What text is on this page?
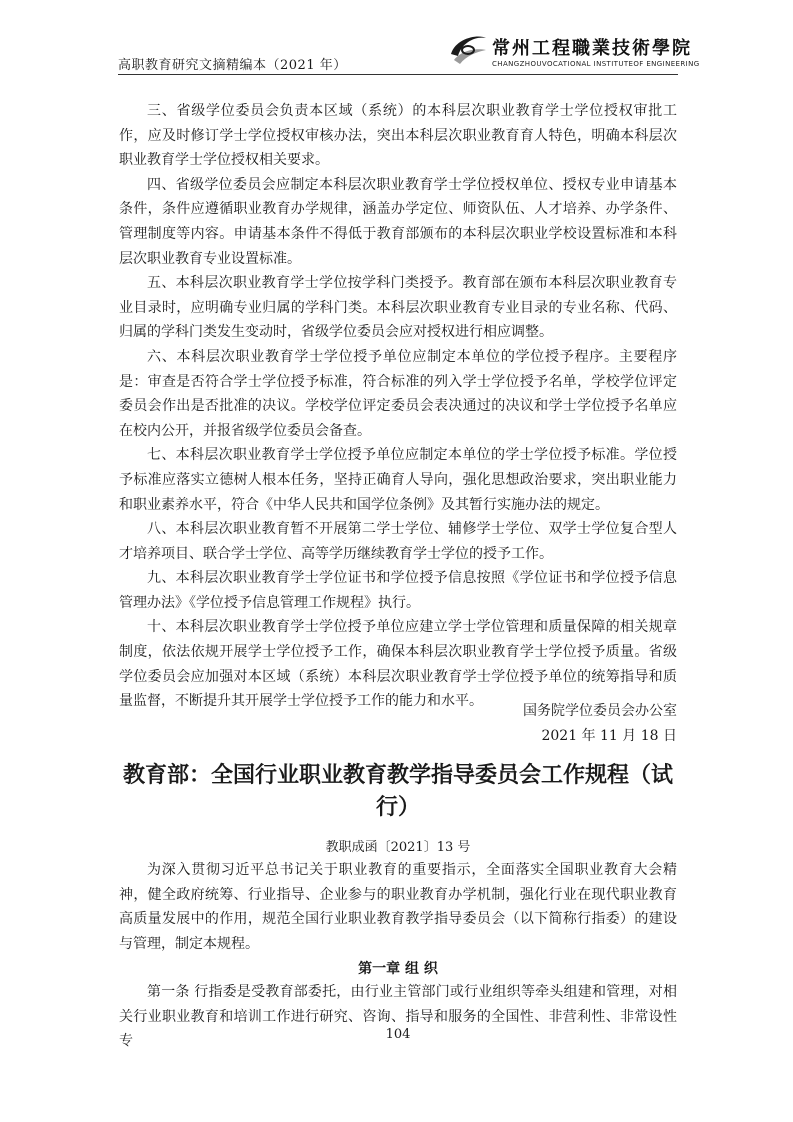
高职教育研究文摘精编本（2021 年）
常州工程職業技術學院
CHANGZHOUVOCATIONAL INSTITUTEOF ENGINEERING

三、省级学位委员会负责本区域（系统）的本科层次职业教育学士学位授权审批工作，应及时修订学士学位授权审核办法，突出本科层次职业教育育人特色，明确本科层次职业教育学士学位授权相关要求。

四、省级学位委员会应制定本科层次职业教育学士学位授权单位、授权专业申请基本条件，条件应遵循职业教育办学规律，涵盖办学定位、师资队伍、人才培养、办学条件、管理制度等内容。申请基本条件不得低于教育部颁布的本科层次职业学校设置标准和本科层次职业教育专业设置标准。

五、本科层次职业教育学士学位按学科门类授予。教育部在颁布本科层次职业教育专业目录时，应明确专业归属的学科门类。本科层次职业教育专业目录的专业名称、代码、归属的学科门类发生变动时，省级学位委员会应对授权进行相应调整。

六、本科层次职业教育学士学位授予单位应制定本单位的学位授予程序。主要程序是：审查是否符合学士学位授予标准，符合标准的列入学士学位授予名单，学校学位评定委员会作出是否批准的决议。学校学位评定委员会表决通过的决议和学士学位授予名单应在校内公开，并报省级学位委员会备查。

七、本科层次职业教育学士学位授予单位应制定本单位的学士学位授予标准。学位授予标准应落实立德树人根本任务，坚持正确育人导向，强化思想政治要求，突出职业能力和职业素养水平，符合《中华人民共和国学位条例》及其暂行实施办法的规定。

八、本科层次职业教育暂不开展第二学士学位、辅修学士学位、双学士学位复合型人才培养项目、联合学士学位、高等学历继续教育学士学位的授予工作。

九、本科层次职业教育学士学位证书和学位授予信息按照《学位证书和学位授予信息管理办法》《学位授予信息管理工作规程》执行。

十、本科层次职业教育学士学位授予单位应建立学士学位管理和质量保障的相关规章制度，依法依规开展学士学位授予工作，确保本科层次职业教育学士学位授予质量。省级学位委员会应加强对本区域（系统）本科层次职业教育学士学位授予单位的统筹指导和质量监督，不断提升其开展学士学位授予工作的能力和水平。

国务院学位委员会办公室
2021 年 11 月 18 日
教育部：全国行业职业教育教学指导委员会工作规程（试行）
教职成函〔2021〕13 号

为深入贯彻习近平总书记关于职业教育的重要指示，全面落实全国职业教育大会精神，健全政府统筹、行业指导、企业参与的职业教育办学机制，强化行业在现代职业教育高质量发展中的作用，规范全国行业职业教育教学指导委员会（以下简称行指委）的建设与管理，制定本规程。

第一章 组 织

第一条 行指委是受教育部委托，由行业主管部门或行业组织等牵头组建和管理，对相关行业职业教育和培训工作进行研究、咨询、指导和服务的全国性、非营利性、非常设性专	104
